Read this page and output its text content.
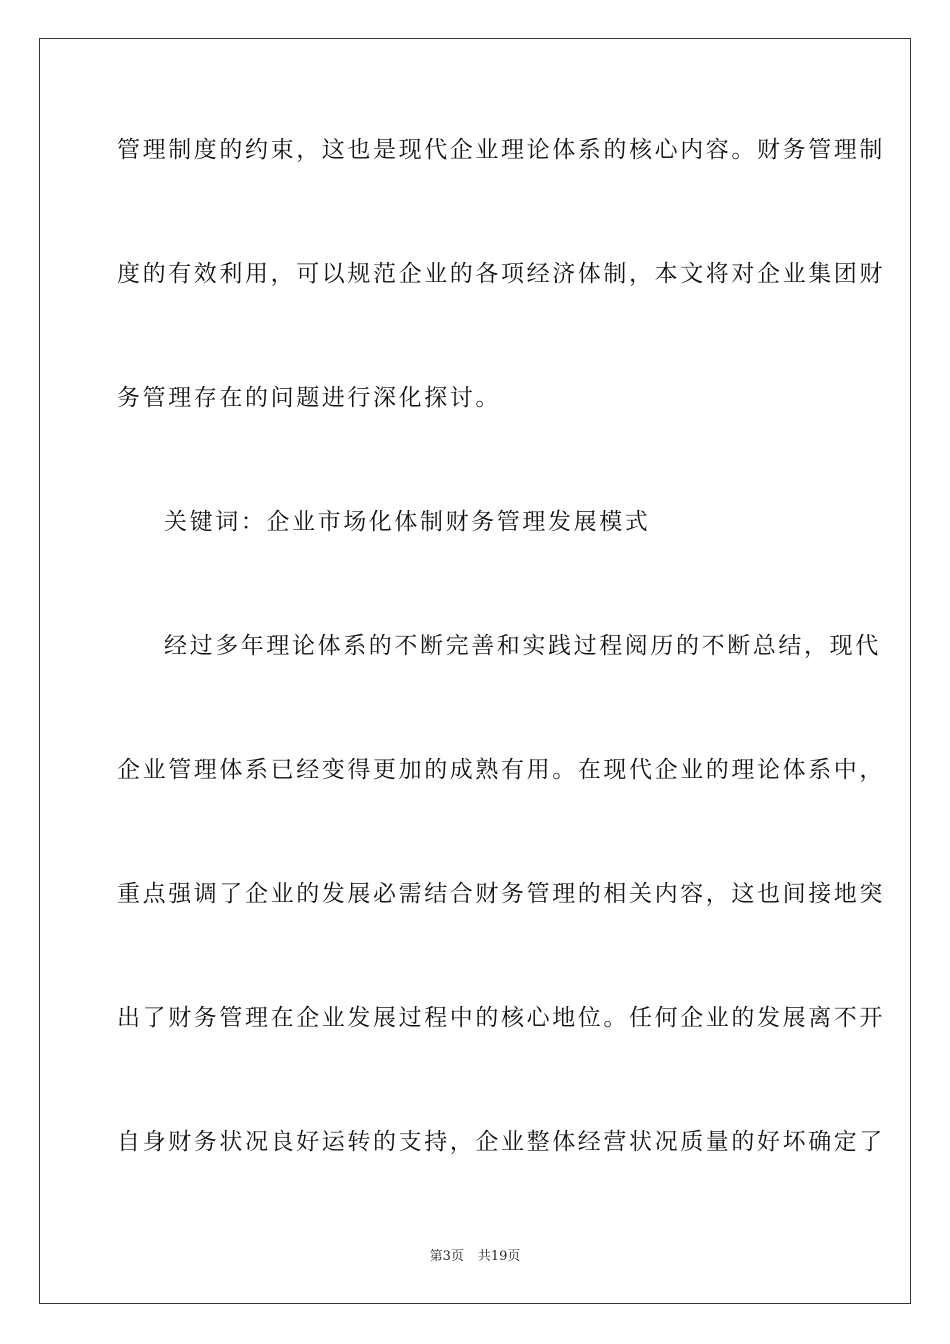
管理制度的约束，这也是现代企业理论体系的核心内容。财务管理制
度的有效利用，可以规范企业的各项经济体制，本文将对企业集团财
务管理存在的问题进行深化探讨。
关键词：企业市场化体制财务管理发展模式
经过多年理论体系的不断完善和实践过程阅历的不断总结，现代
企业管理体系已经变得更加的成熟有用。在现代企业的理论体系中，
重点强调了企业的发展必需结合财务管理的相关内容，这也间接地突
出了财务管理在企业发展过程中的核心地位。任何企业的发展离不开
自身财务状况良好运转的支持，企业整体经营状况质量的好坏确定了
第3页 共19页
